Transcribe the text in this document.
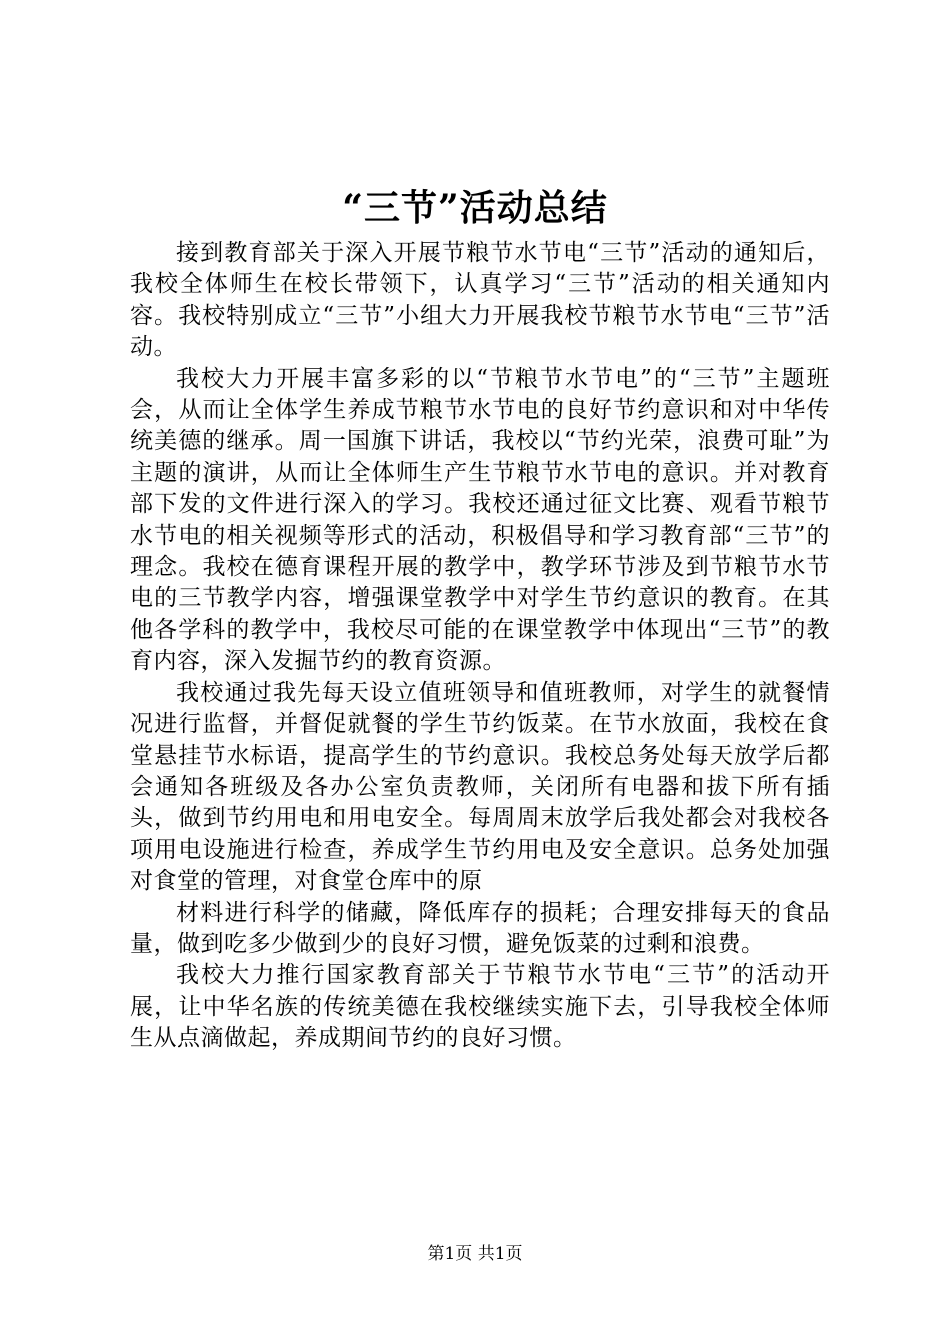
“三节”活动总结

接到教育部关于深入开展节粮节水节电“三节”活动的通知后，我校全体师生在校长带领下，认真学习“三节”活动的相关通知内容。我校特别成立“三节”小组大力开展我校节粮节水节电“三节”活动。

我校大力开展丰富多彩的以“节粮节水节电”的“三节”主题班会，从而让全体学生养成节粮节水节电的良好节约意识和对中华传统美德的继承。周一国旗下讲话，我校以“节约光荣，浪费可耻”为主题的演讲，从而让全体师生产生节粮节水节电的意识。并对教育部下发的文件进行深入的学习。我校还通过征文比赛、观看节粮节水节电的相关视频等形式的活动，积极倡导和学习教育部“三节”的理念。我校在德育课程开展的教学中，教学环节涉及到节粮节水节电的三节教学内容，增强课堂教学中对学生节约意识的教育。在其他各学科的教学中，我校尽可能的在课堂教学中体现出“三节”的教育内容，深入发掘节约的教育资源。

我校通过我先每天设立值班领导和值班教师，对学生的就餐情况进行监督，并督促就餐的学生节约饭菜。在节水放面，我校在食堂悬挂节水标语，提高学生的节约意识。我校总务处每天放学后都会通知各班级及各办公室负责教师，关闭所有电器和拔下所有插头，做到节约用电和用电安全。每周周末放学后我处都会对我校各项用电设施进行检查，养成学生节约用电及安全意识。总务处加强对食堂的管理，对食堂仓库中的原

材料进行科学的储藏，降低库存的损耗；合理安排每天的食品量，做到吃多少做到少的良好习惯，避免饭菜的过剩和浪费。

我校大力推行国家教育部关于节粮节水节电“三节”的活动开展，让中华名族的传统美德在我校继续实施下去，引导我校全体师生从点滴做起，养成期间节约的良好习惯。

第1页 共1页
